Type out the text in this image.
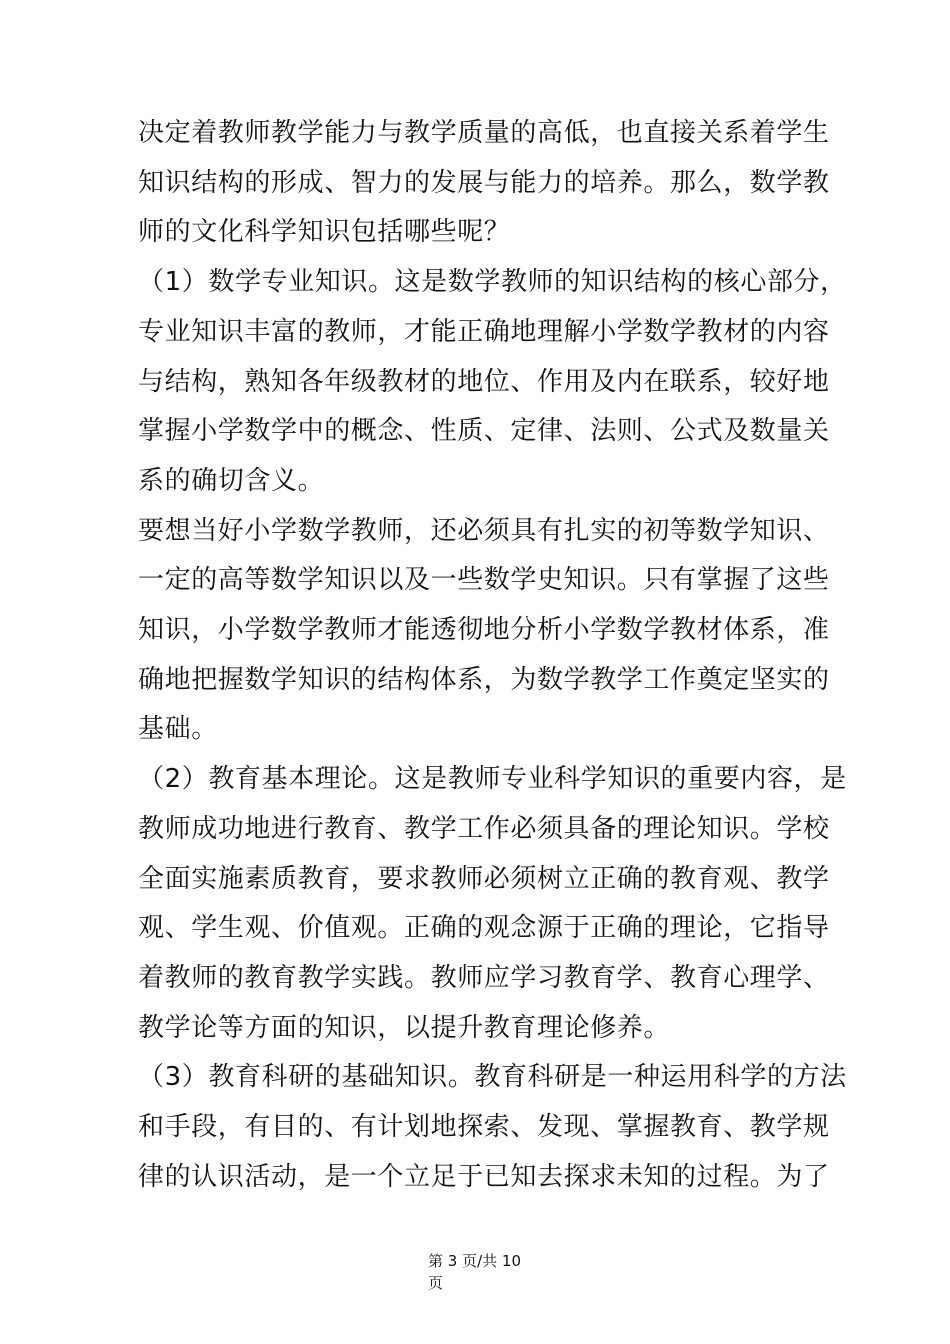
决定着教师教学能力与教学质量的高低，也直接关系着学生
知识结构的形成、智力的发展与能力的培养。那么，数学教
师的文化科学知识包括哪些呢？
（1）数学专业知识。这是数学教师的知识结构的核心部分，
专业知识丰富的教师，才能正确地理解小学数学教材的内容
与结构，熟知各年级教材的地位、作用及内在联系，较好地
掌握小学数学中的概念、性质、定律、法则、公式及数量关
系的确切含义。
要想当好小学数学教师，还必须具有扎实的初等数学知识、
一定的高等数学知识以及一些数学史知识。只有掌握了这些
知识，小学数学教师才能透彻地分析小学数学教材体系，准
确地把握数学知识的结构体系，为数学教学工作奠定坚实的
基础。
（2）教育基本理论。这是教师专业科学知识的重要内容，是
教师成功地进行教育、教学工作必须具备的理论知识。学校
全面实施素质教育，要求教师必须树立正确的教育观、教学
观、学生观、价值观。正确的观念源于正确的理论，它指导
着教师的教育教学实践。教师应学习教育学、教育心理学、
教学论等方面的知识，以提升教育理论修养。
（3）教育科研的基础知识。教育科研是一种运用科学的方法
和手段，有目的、有计划地探索、发现、掌握教育、教学规
律的认识活动，是一个立足于已知去探求未知的过程。为了
第 3 页/共 10
页
